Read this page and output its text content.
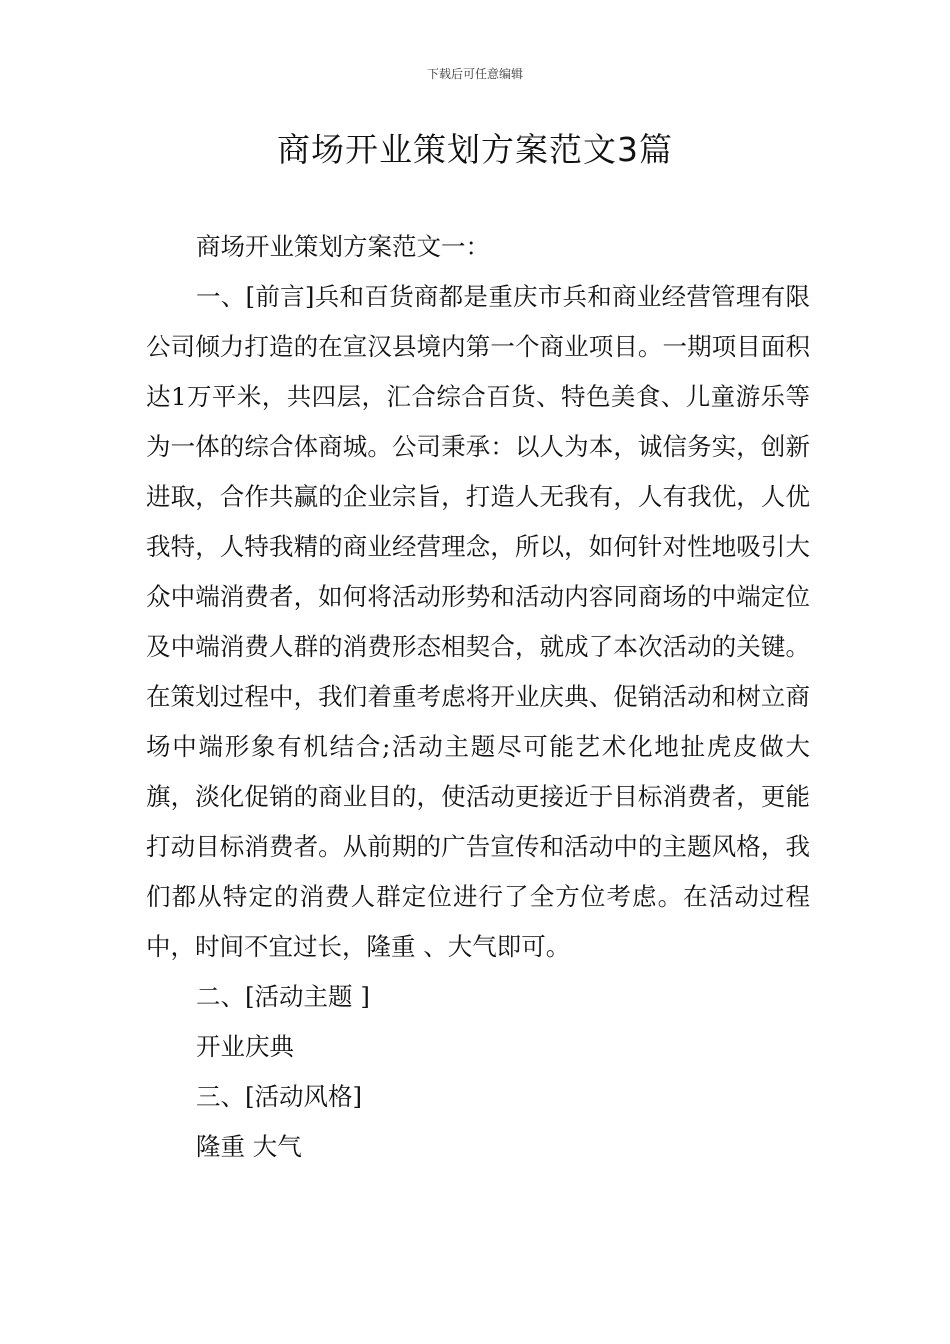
下载后可任意编辑
商场开业策划方案范文3篇

商场开业策划方案范文一：

一、[前言]兵和百货商都是重庆市兵和商业经营管理有限公司倾力打造的在宣汉县境内第一个商业项目。一期项目面积达1万平米，共四层，汇合综合百货、特色美食、儿童游乐等为一体的综合体商城。公司秉承：以人为本，诚信务实，创新进取，合作共赢的企业宗旨，打造人无我有，人有我优，人优我特，人特我精的商业经营理念，所以，如何针对性地吸引大众中端消费者，如何将活动形势和活动内容同商场的中端定位及中端消费人群的消费形态相契合，就成了本次活动的关键。 在策划过程中，我们着重考虑将开业庆典、促销活动和树立商场中端形象有机结合;活动主题尽可能艺术化地扯虎皮做大旗，淡化促销的商业目的，使活动更接近于目标消费者，更能打动目标消费者。从前期的广告宣传和活动中的主题风格，我们都从特定的消费人群定位进行了全方位考虑。在活动过程中，时间不宜过长，隆重 、大气即可。

二、[活动主题 ]

开业庆典

三、[活动风格]

隆重 大气
